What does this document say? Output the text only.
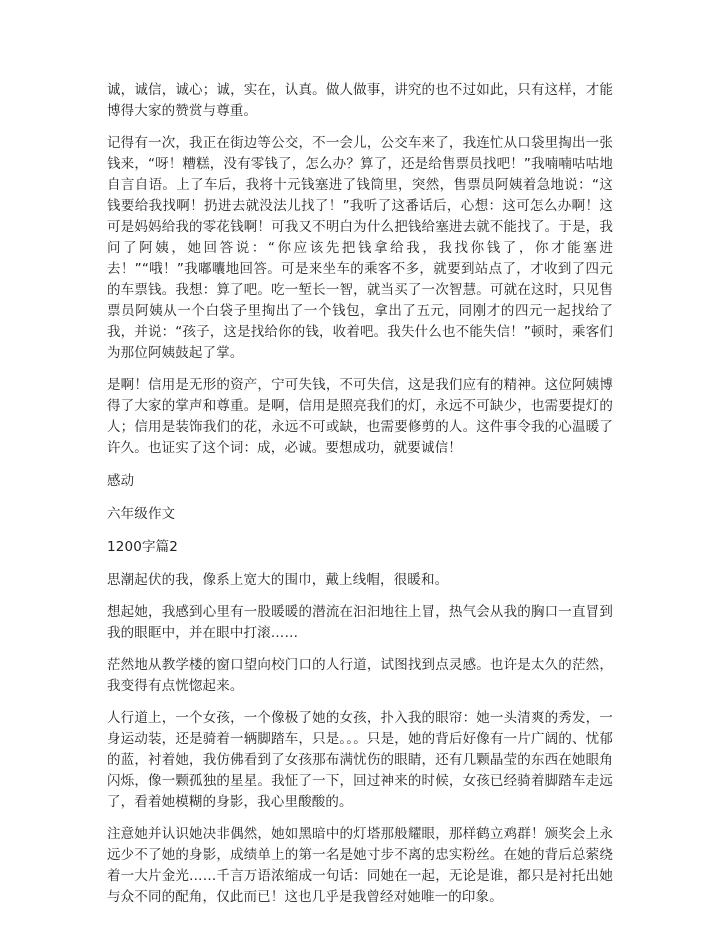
诚，诚信，诚心；诚，实在，认真。做人做事，讲究的也不过如此，只有这样，才能博得大家的赞赏与尊重。

记得有一次，我正在街边等公交，不一会儿，公交车来了，我连忙从口袋里掏出一张钱来，“呀！糟糕，没有零钱了，怎么办？算了，还是给售票员找吧！”我喃喃咕咕地自言自语。上了车后，我将十元钱塞进了钱筒里，突然，售票员阿姨着急地说：“这钱要给我找啊！扔进去就没法儿找了！”我听了这番话后，心想：这可怎么办啊！这可是妈妈给我的零花钱啊！可我又不明白为什么把钱给塞进去就不能找了。于是，我问了阿姨，她回答说：“你应该先把钱拿给我，我找你钱了，你才能塞进去！”“哦！”我嘟囔地回答。可是来坐车的乘客不多，就要到站点了，才收到了四元的车票钱。我想：算了吧。吃一堑长一智，就当买了一次智慧。可就在这时，只见售票员阿姨从一个白袋子里掏出了一个钱包，拿出了五元，同刚才的四元一起找给了我，并说：“孩子，这是找给你的钱，收着吧。我失什么也不能失信！”顿时，乘客们为那位阿姨鼓起了掌。

是啊！信用是无形的资产，宁可失钱，不可失信，这是我们应有的精神。这位阿姨博得了大家的掌声和尊重。是啊，信用是照亮我们的灯，永远不可缺少，也需要提灯的人；信用是装饰我们的花，永远不可或缺，也需要修剪的人。这件事令我的心温暖了许久。也证实了这个词：成，必诚。要想成功，就要诚信！

感动

六年级作文

1200字篇2

思潮起伏的我，像系上宽大的围巾，戴上线帽，很暖和。

想起她，我感到心里有一股暖暖的潜流在汩汩地往上冒，热气会从我的胸口一直冒到我的眼眶中，并在眼中打滚……

茫然地从教学楼的窗口望向校门口的人行道，试图找到点灵感。也许是太久的茫然，我变得有点恍惚起来。

人行道上，一个女孩，一个像极了她的女孩，扑入我的眼帘：她一头清爽的秀发，一身运动装，还是骑着一辆脚踏车，只是。。。只是，她的背后好像有一片广阔的、忧郁的蓝，衬着她，我仿佛看到了女孩那布满忧伤的眼睛，还有几颗晶莹的东西在她眼角闪烁，像一颗孤独的星星。我怔了一下，回过神来的时候，女孩已经骑着脚踏车走远了，看着她模糊的身影，我心里酸酸的。

注意她并认识她决非偶然，她如黑暗中的灯塔那般耀眼，那样鹤立鸡群！颁奖会上永远少不了她的身影，成绩单上的第一名是她寸步不离的忠实粉丝。在她的背后总萦绕着一大片金光……千言万语浓缩成一句话：同她在一起，无论是谁，都只是衬托出她与众不同的配角，仅此而已！这也几乎是我曾经对她唯一的印象。
